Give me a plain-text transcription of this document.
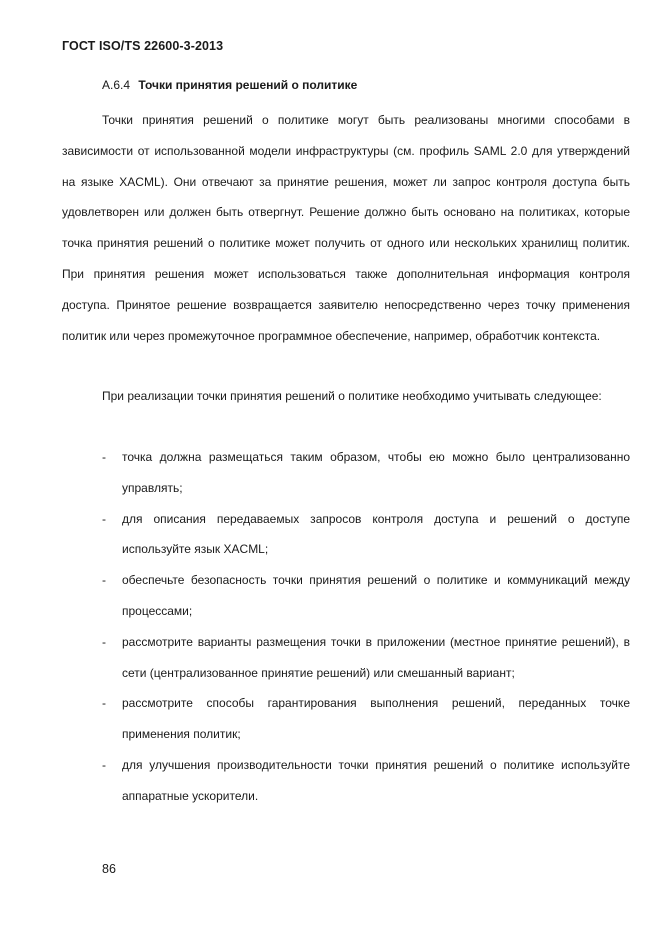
ГОСТ ISO/TS 22600-3-2013
А.6.4 Точки принятия решений о политике

Точки принятия решений о политике могут быть реализованы многими способами в зависимости от использованной модели инфраструктуры (см. профиль SAML 2.0 для утверждений на языке XACML). Они отвечают за принятие решения, может ли запрос контроля доступа быть удовлетворен или должен быть отвергнут. Решение должно быть основано на политиках, которые точка принятия решений о политике может получить от одного или нескольких хранилищ политик. При принятия решения может использоваться также дополнительная информация контроля доступа. Принятое решение возвращается заявителю непосредственно через точку применения политик или через промежуточное программное обеспечение, например, обработчик контекста.

При реализации точки принятия решений о политике необходимо учитывать следующее:

- точка должна размещаться таким образом, чтобы ею можно было централизованно управлять;
- для описания передаваемых запросов контроля доступа и решений о доступе используйте язык XACML;
- обеспечьте безопасность точки принятия решений о политике и коммуникаций между процессами;
- рассмотрите варианты размещения точки в приложении (местное принятие решений), в сети (централизованное принятие решений) или смешанный вариант;
- рассмотрите способы гарантирования выполнения решений, переданных точке применения политик;
- для улучшения производительности точки принятия решений о политике используйте аппаратные ускорители.
86
